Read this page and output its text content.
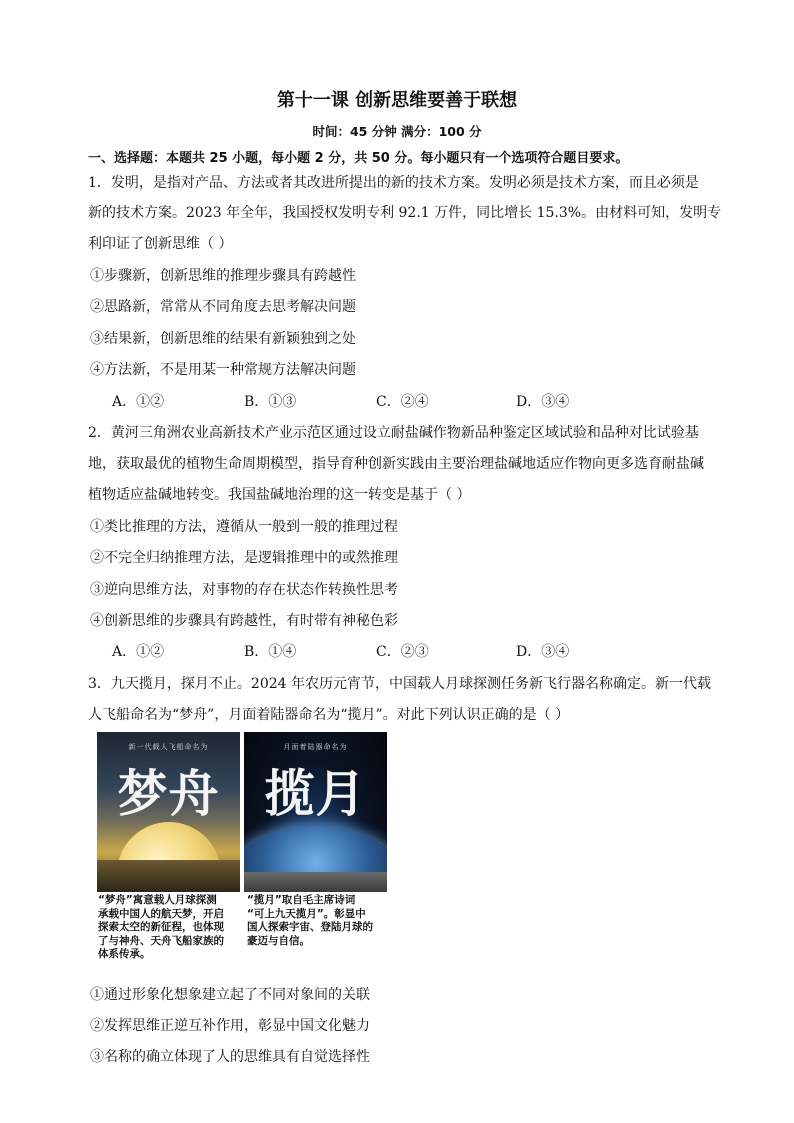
第十一课 创新思维要善于联想
时间：45 分钟 满分：100 分
一、选择题：本题共 25 小题，每小题 2 分，共 50 分。每小题只有一个选项符合题目要求。
1．发明，是指对产品、方法或者其改进所提出的新的技术方案。发明必须是技术方案，而且必须是
新的技术方案。2023 年全年，我国授权发明专利 92.1 万件，同比增长 15.3%。由材料可知，发明专
利印证了创新思维（ ）
①步骤新，创新思维的推理步骤具有跨越性
②思路新，常常从不同角度去思考解决问题
③结果新，创新思维的结果有新颖独到之处
④方法新，不是用某一种常规方法解决问题
A．①②	B．①③	C．②④	D．③④
2．黄河三角洲农业高新技术产业示范区通过设立耐盐碱作物新品种鉴定区域试验和品种对比试验基
地，获取最优的植物生命周期模型，指导育种创新实践由主要治理盐碱地适应作物向更多选育耐盐碱
植物适应盐碱地转变。我国盐碱地治理的这一转变是基于（ ）
①类比推理的方法，遵循从一般到一般的推理过程
②不完全归纳推理方法，是逻辑推理中的或然推理
③逆向思维方法，对事物的存在状态作转换性思考
④创新思维的步骤具有跨越性，有时带有神秘色彩
A．①②	B．①④	C．②③	D．③④
3．九天揽月，探月不止。2024 年农历元宵节，中国载人月球探测任务新飞行器名称确定。新一代载
人飞船命名为“梦舟”，月面着陆器命名为“揽月”。对此下列认识正确的是（ ）
新一代载人飞船命名为
梦舟
月面着陆器命名为
揽月
“梦舟”寓意载人月球探测
承载中国人的航天梦，开启
探索太空的新征程，也体现
了与神舟、天舟飞船家族的
体系传承。
“揽月”取自毛主席诗词
“可上九天揽月”。彰显中
国人探索宇宙、登陆月球的
豪迈与自信。
①通过形象化想象建立起了不同对象间的关联
②发挥思维正逆互补作用，彰显中国文化魅力
③名称的确立体现了人的思维具有自觉选择性
